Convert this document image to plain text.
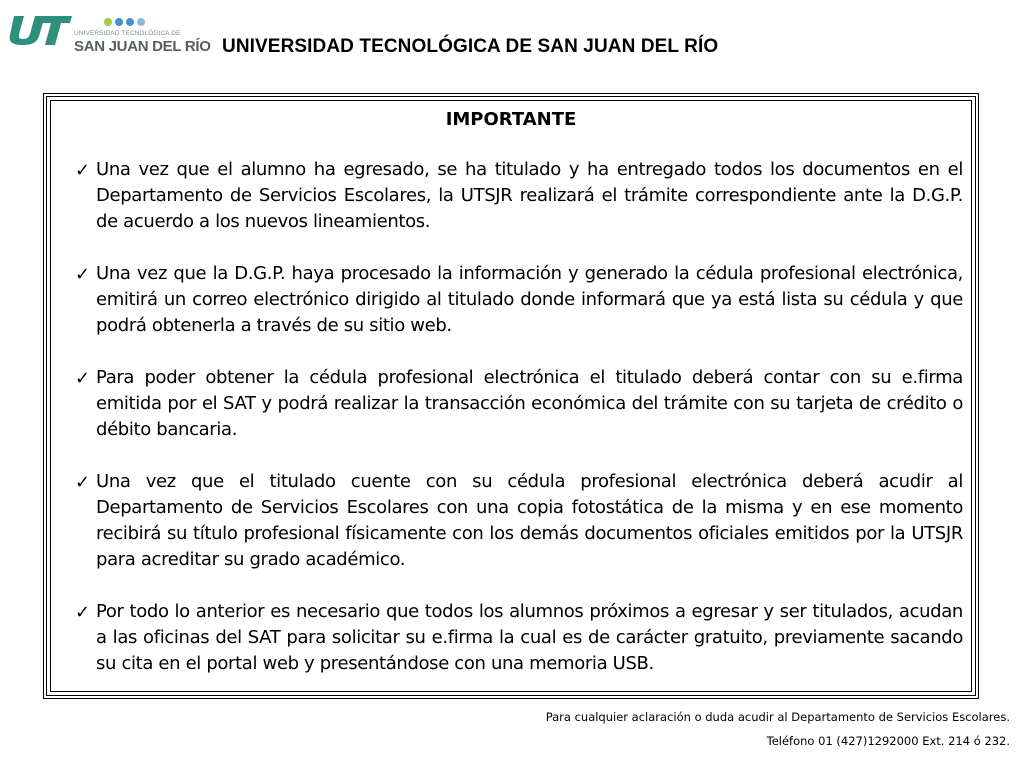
UNIVERSIDAD TECNOLÓGICA DE
SAN JUAN DEL RÍO UNIVERSIDAD TECNOLÓGICA DE SAN JUAN DEL RÍO
IMPORTANTE
✓ Una vez que el alumno ha egresado, se ha titulado y ha entregado todos los documentos en el Departamento de Servicios Escolares, la UTSJR realizará el trámite correspondiente ante la D.G.P. de acuerdo a los nuevos lineamientos.
✓ Una vez que la D.G.P. haya procesado la información y generado la cédula profesional electrónica, emitirá un correo electrónico dirigido al titulado donde informará que ya está lista su cédula y que podrá obtenerla a través de su sitio web.
✓ Para poder obtener la cédula profesional electrónica el titulado deberá contar con su e.firma emitida por el SAT y podrá realizar la transacción económica del trámite con su tarjeta de crédito o débito bancaria.
✓ Una vez que el titulado cuente con su cédula profesional electrónica deberá acudir al Departamento de Servicios Escolares con una copia fotostática de la misma y en ese momento recibirá su título profesional físicamente con los demás documentos oficiales emitidos por la UTSJR para acreditar su grado académico.
✓ Por todo lo anterior es necesario que todos los alumnos próximos a egresar y ser titulados, acudan a las oficinas del SAT para solicitar su e.firma la cual es de carácter gratuito, previamente sacando su cita en el portal web y presentándose con una memoria USB.
Para cualquier aclaración o duda acudir al Departamento de Servicios Escolares.
Teléfono 01 (427)1292000 Ext. 214 ó 232.
